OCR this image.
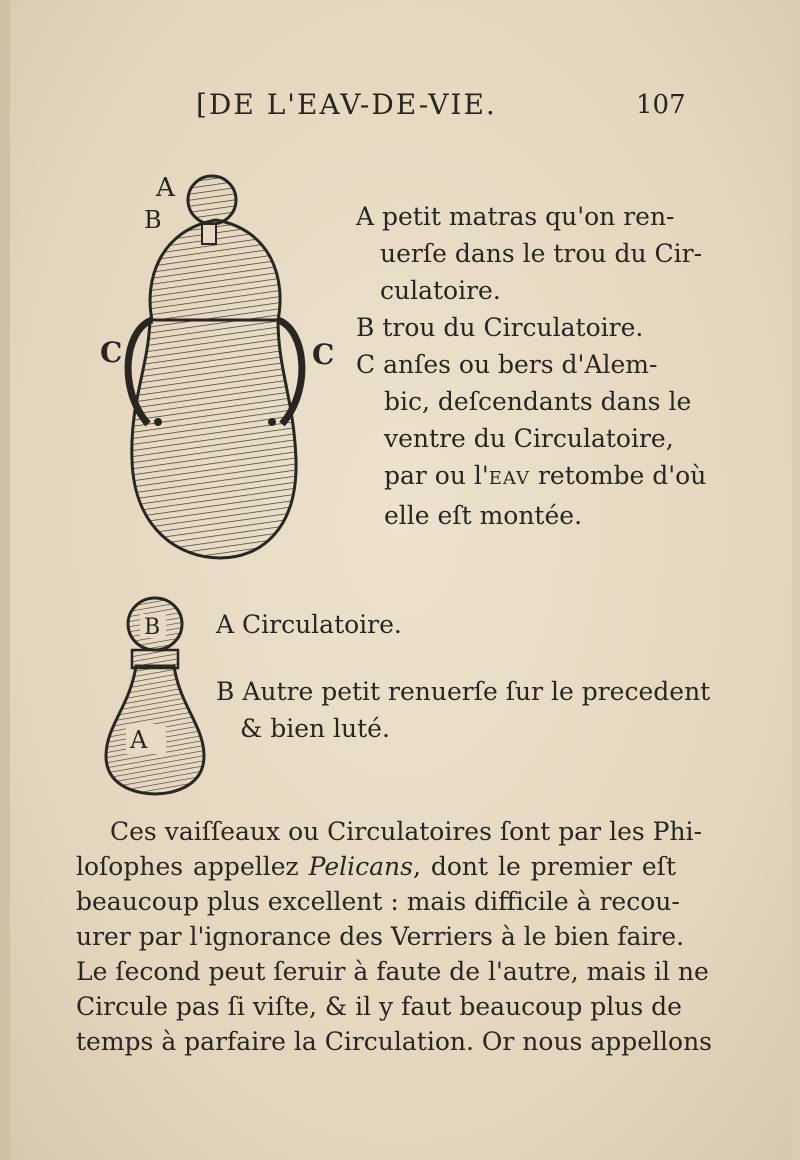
[DE L'EAV-DE-VIE.	107
A
B
C	C
A petit matras qu'on ren-
uerſe dans le trou du Cir-
culatoire.
B trou du Circulatoire.
C anſes ou bers d'Alem-
bic, deſcendants dans le
ventre du Circulatoire,
par ou l'EAV retombe d'où
elle eſt montée.
B
A
A Circulatoire.
B Autre petit renuerſe ſur le precedent
& bien luté.
Ces vaiſſeaux ou Circulatoires ſont par les Phi-
loſophes appellez Pelicans, dont le premier eſt
beaucoup plus excellent : mais difficile à recou-
urer par l'ignorance des Verriers à le bien faire.
Le ſecond peut ſeruir à faute de l'autre, mais il ne
Circule pas ſi viſte, & il y faut beaucoup plus de
temps à parfaire la Circulation. Or nous appellons
